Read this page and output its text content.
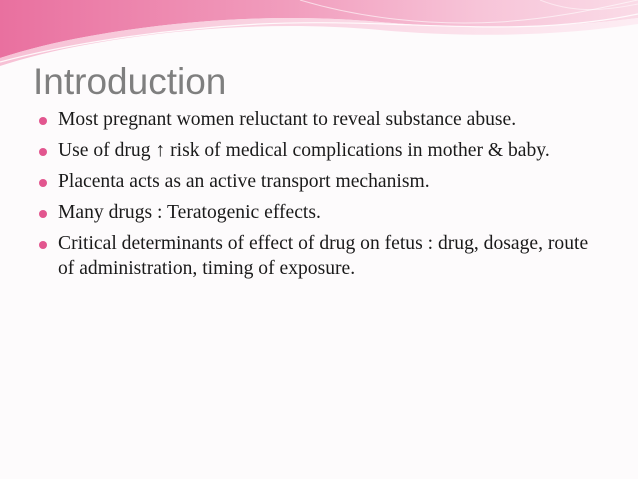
Introduction
Most pregnant women reluctant to reveal substance abuse.
Use of drug ↑ risk of medical complications in mother & baby.
Placenta acts as an active transport mechanism.
Many drugs : Teratogenic effects.
Critical determinants of effect of drug on fetus : drug, dosage, route of administration, timing of exposure.
